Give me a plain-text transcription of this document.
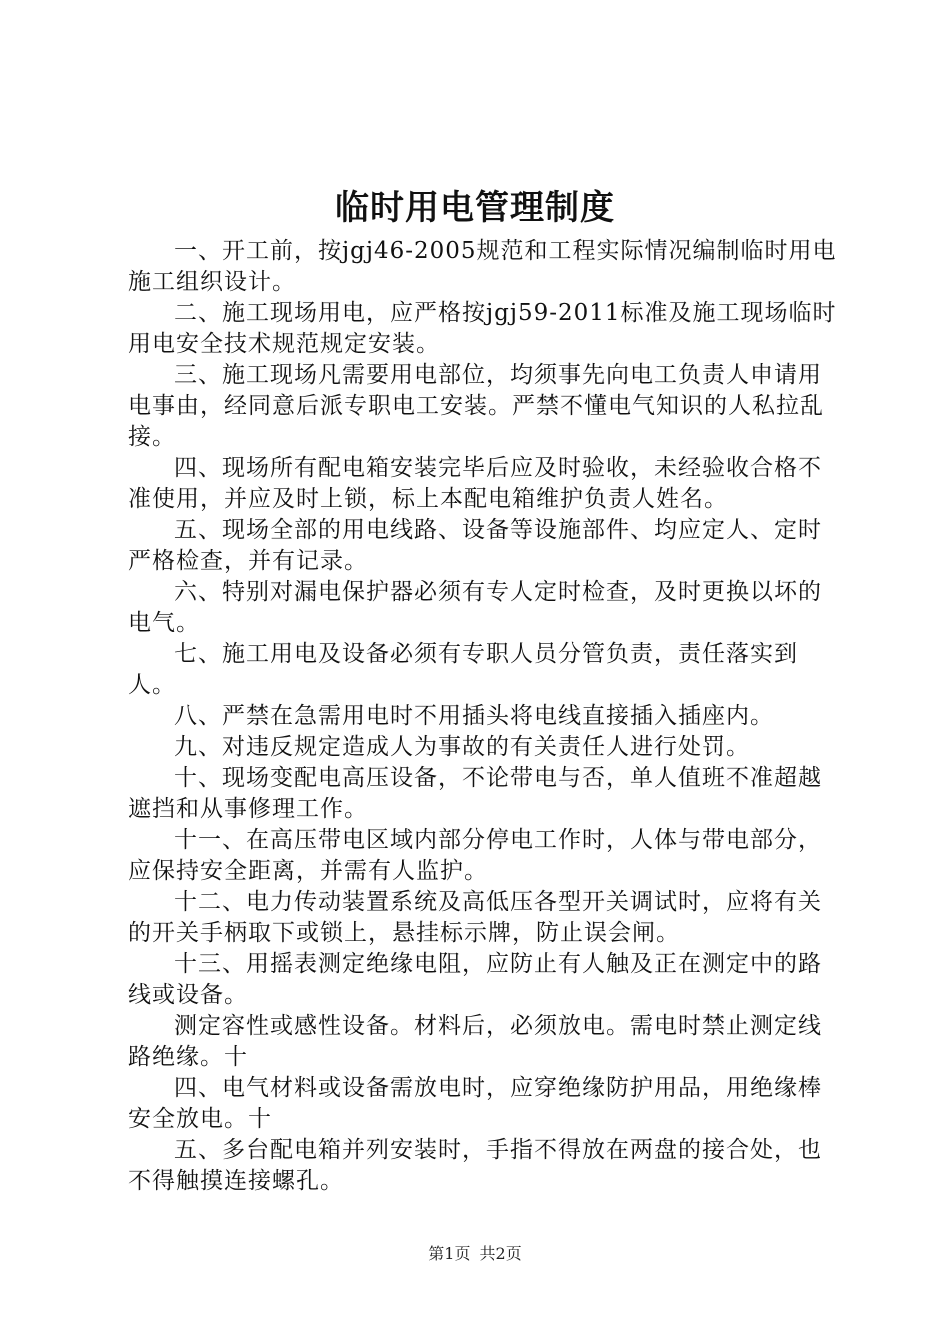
临时用电管理制度

一、开工前，按jgj46-2005规范和工程实际情况编制临时用电施工组织设计。

二、施工现场用电，应严格按jgj59-2011标准及施工现场临时用电安全技术规范规定安装。

三、施工现场凡需要用电部位，均须事先向电工负责人申请用电事由，经同意后派专职电工安装。严禁不懂电气知识的人私拉乱接。

四、现场所有配电箱安装完毕后应及时验收，未经验收合格不准使用，并应及时上锁，标上本配电箱维护负责人姓名。

五、现场全部的用电线路、设备等设施部件、均应定人、定时严格检查，并有记录。

六、特别对漏电保护器必须有专人定时检查，及时更换以坏的电气。

七、施工用电及设备必须有专职人员分管负责，责任落实到人。

八、严禁在急需用电时不用插头将电线直接插入插座内。

九、对违反规定造成人为事故的有关责任人进行处罚。

十、现场变配电高压设备，不论带电与否，单人值班不准超越遮挡和从事修理工作。

十一、在高压带电区域内部分停电工作时，人体与带电部分，应保持安全距离，并需有人监护。

十二、电力传动装置系统及高低压各型开关调试时，应将有关的开关手柄取下或锁上，悬挂标示牌，防止误会闸。

十三、用摇表测定绝缘电阻，应防止有人触及正在测定中的路线或设备。

测定容性或感性设备。材料后，必须放电。需电时禁止测定线路绝缘。十

四、电气材料或设备需放电时，应穿绝缘防护用品，用绝缘棒安全放电。十

五、多台配电箱并列安装时，手指不得放在两盘的接合处，也不得触摸连接螺孔。

第1页 共2页
